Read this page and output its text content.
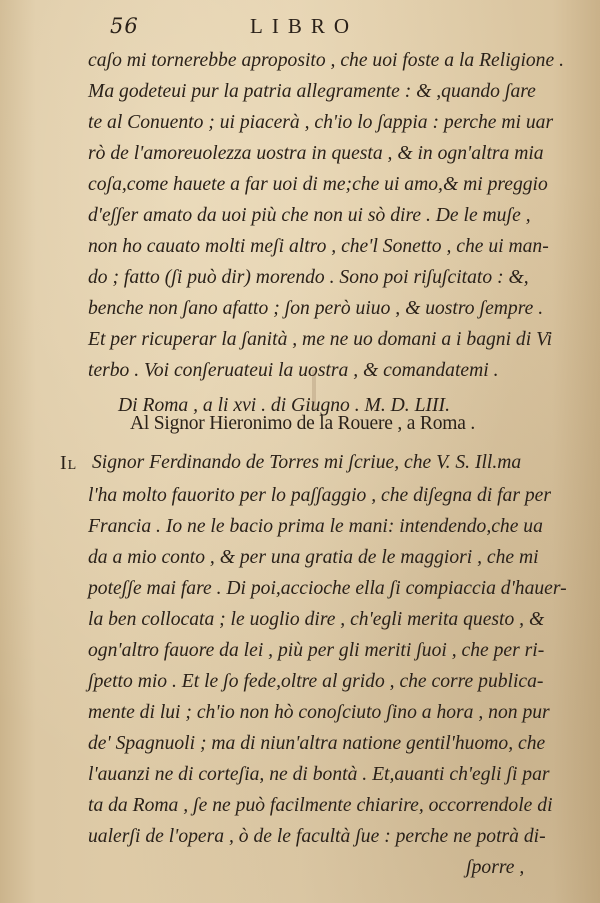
56	LIBRO
caʃo mi tornerebbe aproposito , che uoi foste a la Religione .
Ma godeteui pur la patria allegramente : & ,quando ʃare
te al Conuento ; ui piacerà , ch'io lo ʃappia : perche mi uar
rò de l'amoreuolezza uostra in questa , & in ogn'altra mia
coʃa,come hauete a far uoi di me;che ui amo,& mi preggio
d'eʃʃer amato da uoi più che non ui sò dire . De le muʃe ,
non ho cauato molti meʃi altro , che'l Sonetto , che ui man-
do ; fatto (ʃi può dir) morendo . Sono poi riʃuʃcitato : &,
benche non ʃano afatto ; ʃon però uiuo , & uostro ʃempre .
Et per ricuperar la ʃanità , me ne uo domani a i bagni di Vi
terbo . Voi conʃeruateui la uostra , & comandatemi .
Di Roma , a li xvi . di Giugno . M. D. LIII.
Al Signor Hieronimo de la Rouere , a Roma .
IL Signor Ferdinando de Torres mi ʃcriue, che V. S. Ill.ma
l'ha molto fauorito per lo paʃʃaggio , che diʃegna di far per
Francia . Io ne le bacio prima le mani: intendendo,che ua
da a mio conto , & per una gratia de le maggiori , che mi
poteʃʃe mai fare . Di poi,accioche ella ʃi compiaccia d'hauer-
la ben collocata ; le uoglio dire , ch'egli merita questo , &
ogn'altro fauore da lei , più per gli meriti ʃuoi , che per ri-
ʃpetto mio . Et le ʃo fede,oltre al grido , che corre publica-
mente di lui ; ch'io non hò conoʃciuto ʃino a hora , non pur
de' Spagnuoli ; ma di niun'altra natione gentil'huomo, che
l'auanzi ne di corteʃia, ne di bontà . Et,auanti ch'egli ʃi par
ta da Roma , ʃe ne può facilmente chiarire, occorrendole di
ualerʃi de l'opera , ò de le facultà ʃue : perche ne potrà di-
ʃporre ,
